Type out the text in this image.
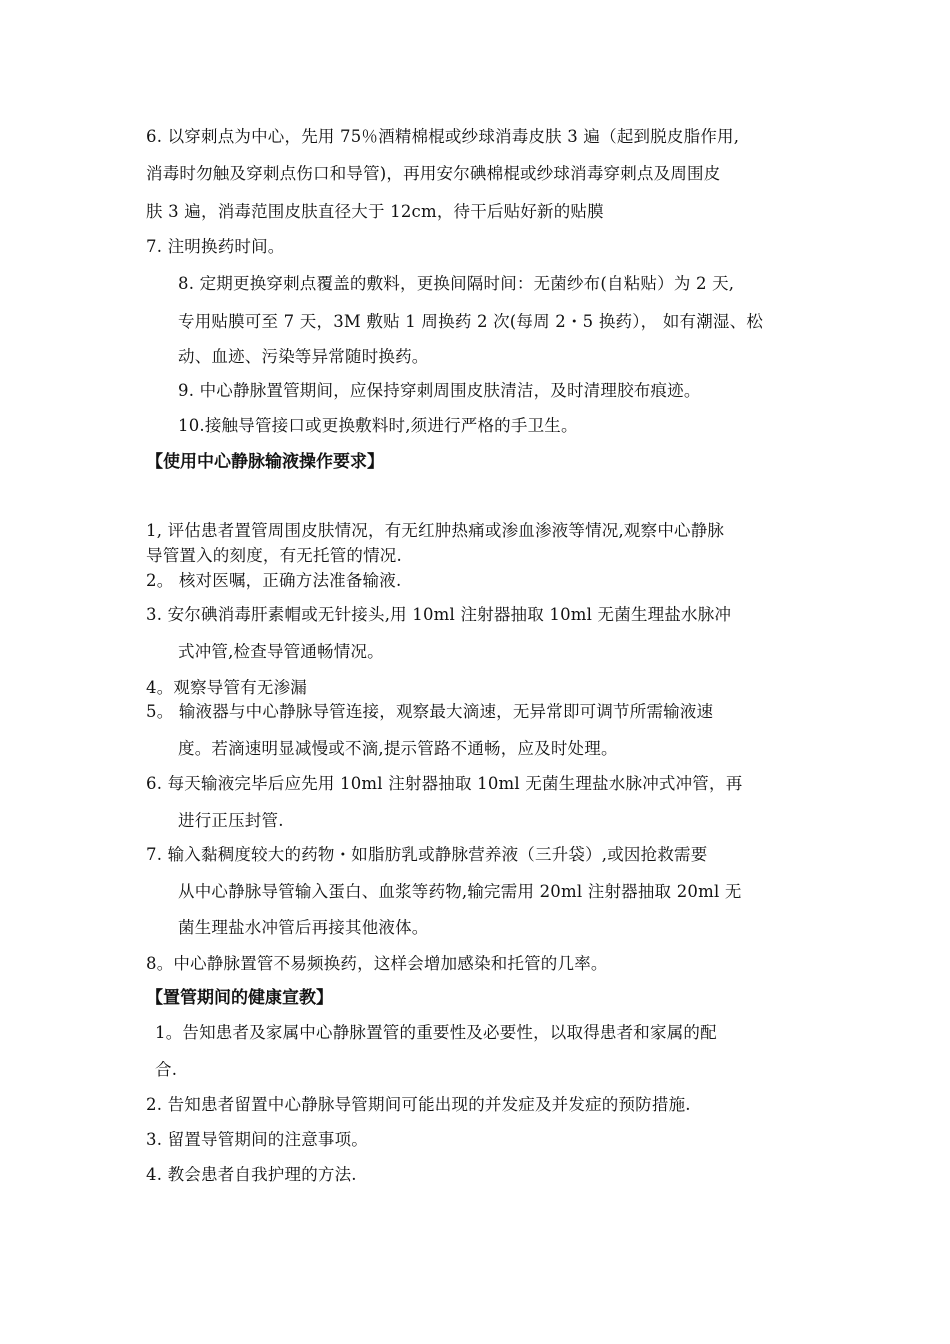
6. 以穿刺点为中心，先用 75％酒精棉棍或纱球消毒皮肤 3 遍（起到脱皮脂作用,
消毒时勿触及穿刺点伤口和导管)，再用安尔碘棉棍或纱球消毒穿刺点及周围皮
肤 3 遍，消毒范围皮肤直径大于 12cm，待干后贴好新的贴膜
7. 注明换药时间。
8. 定期更换穿刺点覆盖的敷料，更换间隔时间：无菌纱布(自粘贴）为 2 天,
专用贴膜可至 7 天，3M 敷贴 1 周换药 2 次(每周 2・5 换药）， 如有潮湿、松
动、血迹、污染等异常随时换药。
9. 中心静脉置管期间，应保持穿刺周围皮肤清洁，及时清理胶布痕迹。
10.接触导管接口或更换敷料时,须进行严格的手卫生。
【使用中心静脉输液操作要求】
1, 评估患者置管周围皮肤情况，有无红肿热痛或渗血渗液等情况,观察中心静脉
导管置入的刻度，有无托管的情况.
2。 核对医嘱，正确方法准备输液.
3. 安尔碘消毒肝素帽或无针接头,用 10ml 注射器抽取 10ml 无菌生理盐水脉冲
式冲管,检查导管通畅情况。
4。观察导管有无渗漏
5。 输液器与中心静脉导管连接，观察最大滴速，无异常即可调节所需输液速
度。若滴速明显减慢或不滴,提示管路不通畅，应及时处理。
6. 每天输液完毕后应先用 10ml 注射器抽取 10ml 无菌生理盐水脉冲式冲管，再
进行正压封管.
7. 输入黏稠度较大的药物・如脂肪乳或静脉营养液（三升袋）,或因抢救需要
从中心静脉导管输入蛋白、血浆等药物,输完需用 20ml 注射器抽取 20ml 无
菌生理盐水冲管后再接其他液体。
8。中心静脉置管不易频换药，这样会增加感染和托管的几率。
【置管期间的健康宣教】
1。告知患者及家属中心静脉置管的重要性及必要性，以取得患者和家属的配
合.
2. 告知患者留置中心静脉导管期间可能出现的并发症及并发症的预防措施.
3. 留置导管期间的注意事项。
4. 教会患者自我护理的方法.
